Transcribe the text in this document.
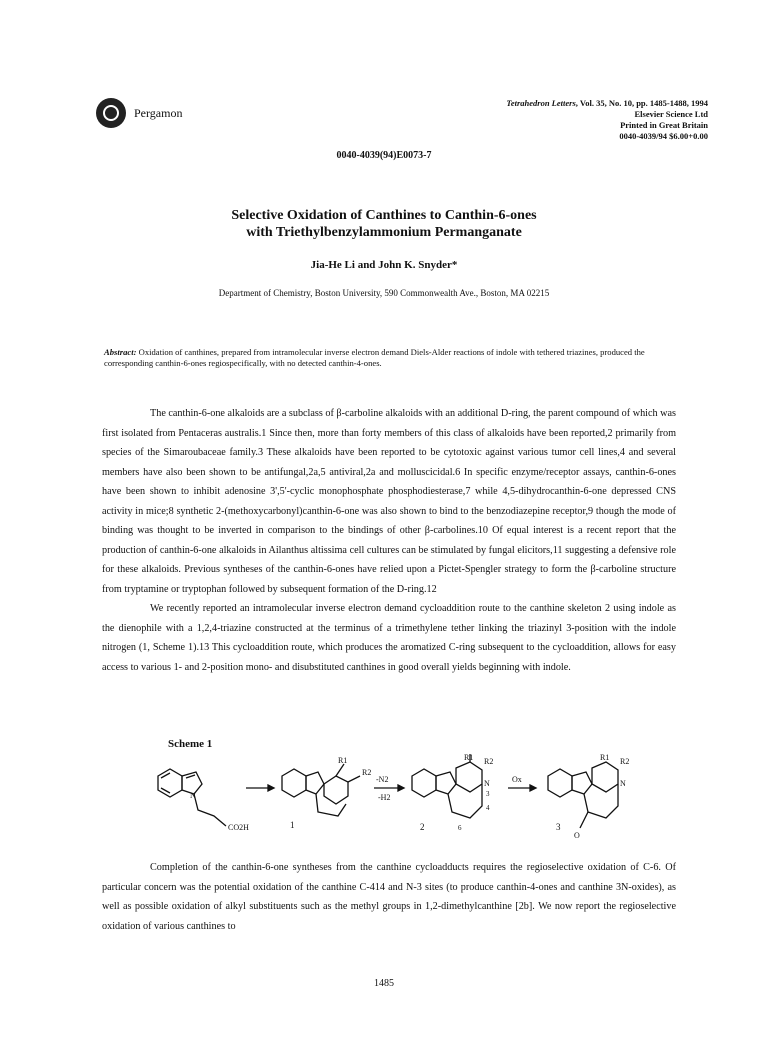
Pergamon
Tetrahedron Letters, Vol. 35, No. 10, pp. 1485-1488, 1994
Elsevier Science Ltd
Printed in Great Britain
0040-4039/94 $6.00+0.00
0040-4039(94)E0073-7
Selective Oxidation of Canthines to Canthin-6-ones
with Triethylbenzylammonium Permanganate
Jia-He Li and John K. Snyder*
Department of Chemistry, Boston University, 590 Commonwealth Ave., Boston, MA 02215
Abstract: Oxidation of canthines, prepared from intramolecular inverse electron demand Diels-Alder reactions of indole with tethered triazines, produced the corresponding canthin-6-ones regiospecifically, with no detected canthin-4-ones.

The canthin-6-one alkaloids are a subclass of β-carboline alkaloids with an additional D-ring, the parent compound of which was first isolated from Pentaceras australis.1 Since then, more than forty members of this class of alkaloids have been reported,2 primarily from species of the Simaroubaceae family.3 These alkaloids have been reported to be cytotoxic against various tumor cell lines,4 and several members have also been shown to be antifungal,2a,5 antiviral,2a and molluscicidal.6 In specific enzyme/receptor assays, canthin-6-ones have been shown to inhibit adenosine 3',5'-cyclic monophosphate phosphodiesterase,7 while 4,5-dihydrocanthin-6-one depressed CNS activity in mice;8 synthetic 2-(methoxycarbonyl)canthin-6-one was also shown to bind to the benzodiazepine receptor,9 though the mode of binding was thought to be inverted in comparison to the bindings of other β-carbolines.10 Of equal interest is a recent report that the production of canthin-6-one alkaloids in Ailanthus altissima cell cultures can be stimulated by fungal elicitors,11 suggesting a defensive role for these alkaloids. Previous syntheses of the canthin-6-ones have relied upon a Pictet-Spengler strategy to form the β-carboline structure from tryptamine or tryptophan followed by subsequent formation of the D-ring.12

We recently reported an intramolecular inverse electron demand cycloaddition route to the canthine skeleton 2 using indole as the dienophile with a 1,2,4-triazine constructed at the terminus of a trimethylene tether linking the triazinyl 3-position with the indole nitrogen (1, Scheme 1).13 This cycloaddition route, which produces the aromatized C-ring subsequent to the cycloaddition, allows for easy access to various 1- and 2-position mono- and disubstituted canthines in good overall yields beginning with indole.

Scheme 1
N
CO2H
R1
R2
1
-N2
-H2
R1 R2
N
3
4
6
2
Ox
O
R1 R2
N
3

Completion of the canthin-6-one syntheses from the canthine cycloadducts requires the regioselective oxidation of C-6. Of particular concern was the potential oxidation of the canthine C-414 and N-3 sites (to produce canthin-4-ones and canthine 3N-oxides), as well as possible oxidation of alkyl substituents such as the methyl groups in 1,2-dimethylcanthine [2b]. We now report the regioselective oxidation of various canthines to

1485
